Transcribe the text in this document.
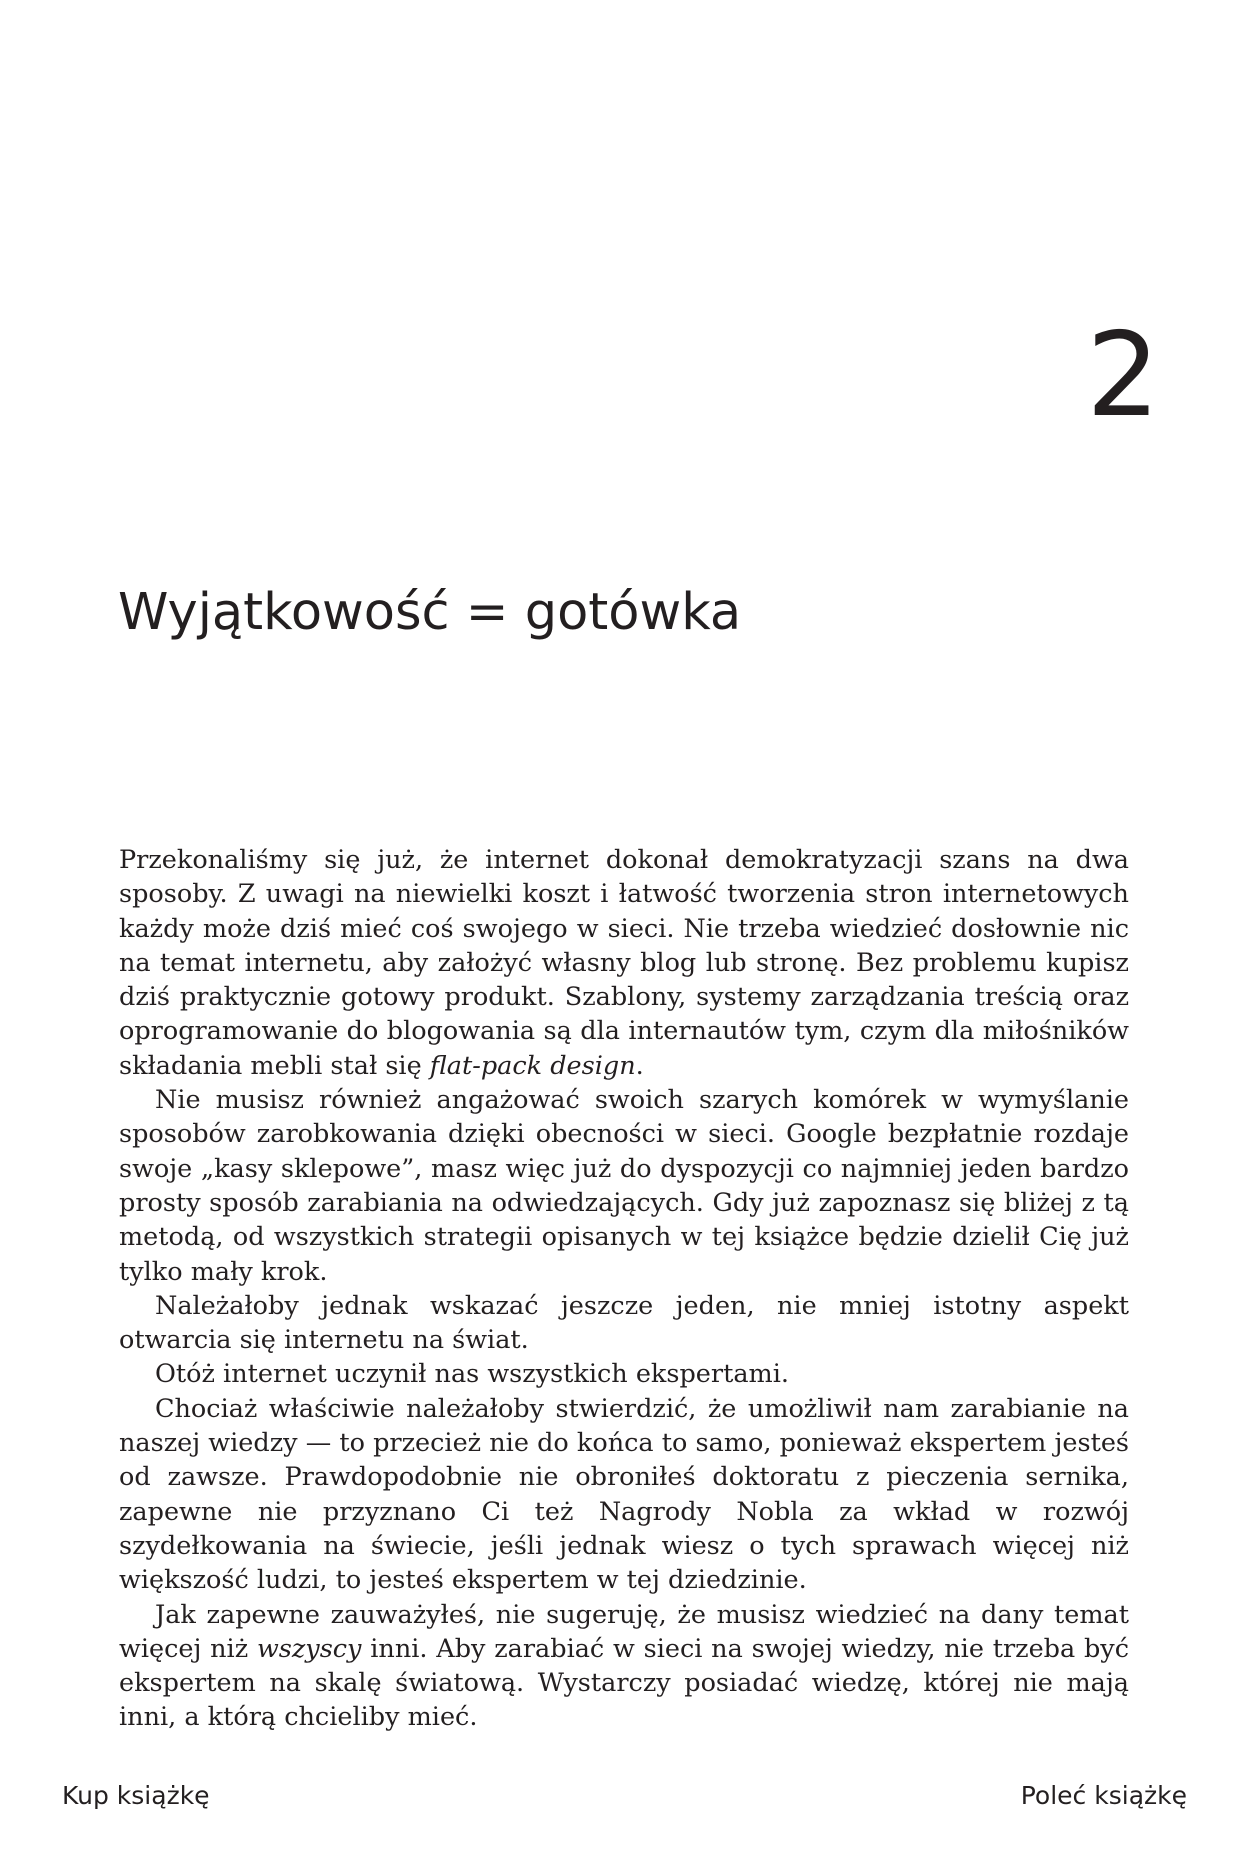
2
Wyjątkowość = gotówka

Przekonaliśmy się już, że internet dokonał demokratyzacji szans na dwa sposoby. Z uwagi na niewielki koszt i łatwość tworzenia stron internetowych każdy może dziś mieć coś swojego w sieci. Nie trzeba wiedzieć dosłownie nic na temat internetu, aby założyć własny blog lub stronę. Bez problemu kupisz dziś praktycznie gotowy produkt. Szablony, systemy zarządzania treścią oraz oprogramowanie do blogowania są dla internautów tym, czym dla miłośników składania mebli stał się flat-pack design.

Nie musisz również angażować swoich szarych komórek w wymyślanie sposobów zarobkowania dzięki obecności w sieci. Google bezpłatnie rozdaje swoje „kasy sklepowe”, masz więc już do dyspozycji co najmniej jeden bardzo prosty sposób zarabiania na odwiedzających. Gdy już zapoznasz się bliżej z tą metodą, od wszystkich strategii opisanych w tej książce będzie dzielił Cię już tylko mały krok.

Należałoby jednak wskazać jeszcze jeden, nie mniej istotny aspekt otwarcia się internetu na świat.

Otóż internet uczynił nas wszystkich ekspertami.

Chociaż właściwie należałoby stwierdzić, że umożliwił nam zarabianie na naszej wiedzy — to przecież nie do końca to samo, ponieważ ekspertem jesteś od zawsze. Prawdopodobnie nie obroniłeś doktoratu z pieczenia sernika, zapewne nie przyznano Ci też Nagrody Nobla za wkład w rozwój szydełkowania na świecie, jeśli jednak wiesz o tych sprawach więcej niż większość ludzi, to jesteś ekspertem w tej dziedzinie.

Jak zapewne zauważyłeś, nie sugeruję, że musisz wiedzieć na dany temat więcej niż wszyscy inni. Aby zarabiać w sieci na swojej wiedzy, nie trzeba być ekspertem na skalę światową. Wystarczy posiadać wiedzę, której nie mają inni, a którą chcieliby mieć.

Kup książkę	Poleć książkę
